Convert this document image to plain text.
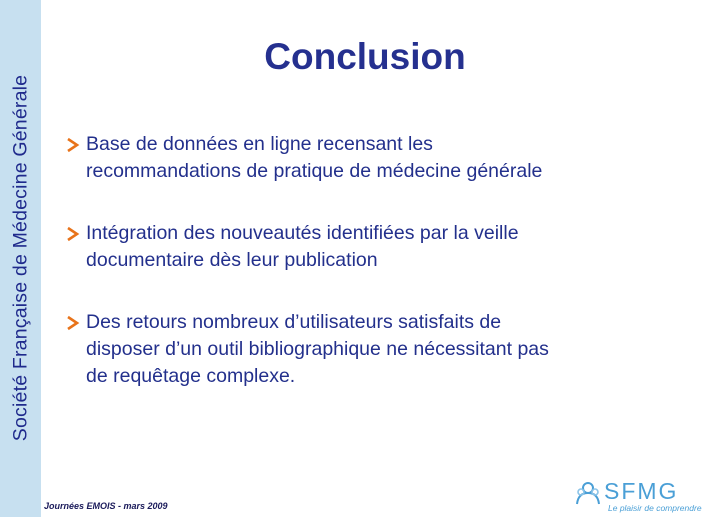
Société Française de Médecine Générale
Conclusion
Base de données en ligne recensant les
recommandations de pratique de médecine générale
Intégration des nouveautés identifiées par la veille
documentaire dès leur publication
Des retours nombreux d’utilisateurs satisfaits de
disposer d’un outil bibliographique ne nécessitant pas
de requêtage complexe.
Journées EMOIS - mars 2009
SFMG
Le plaisir de comprendre
